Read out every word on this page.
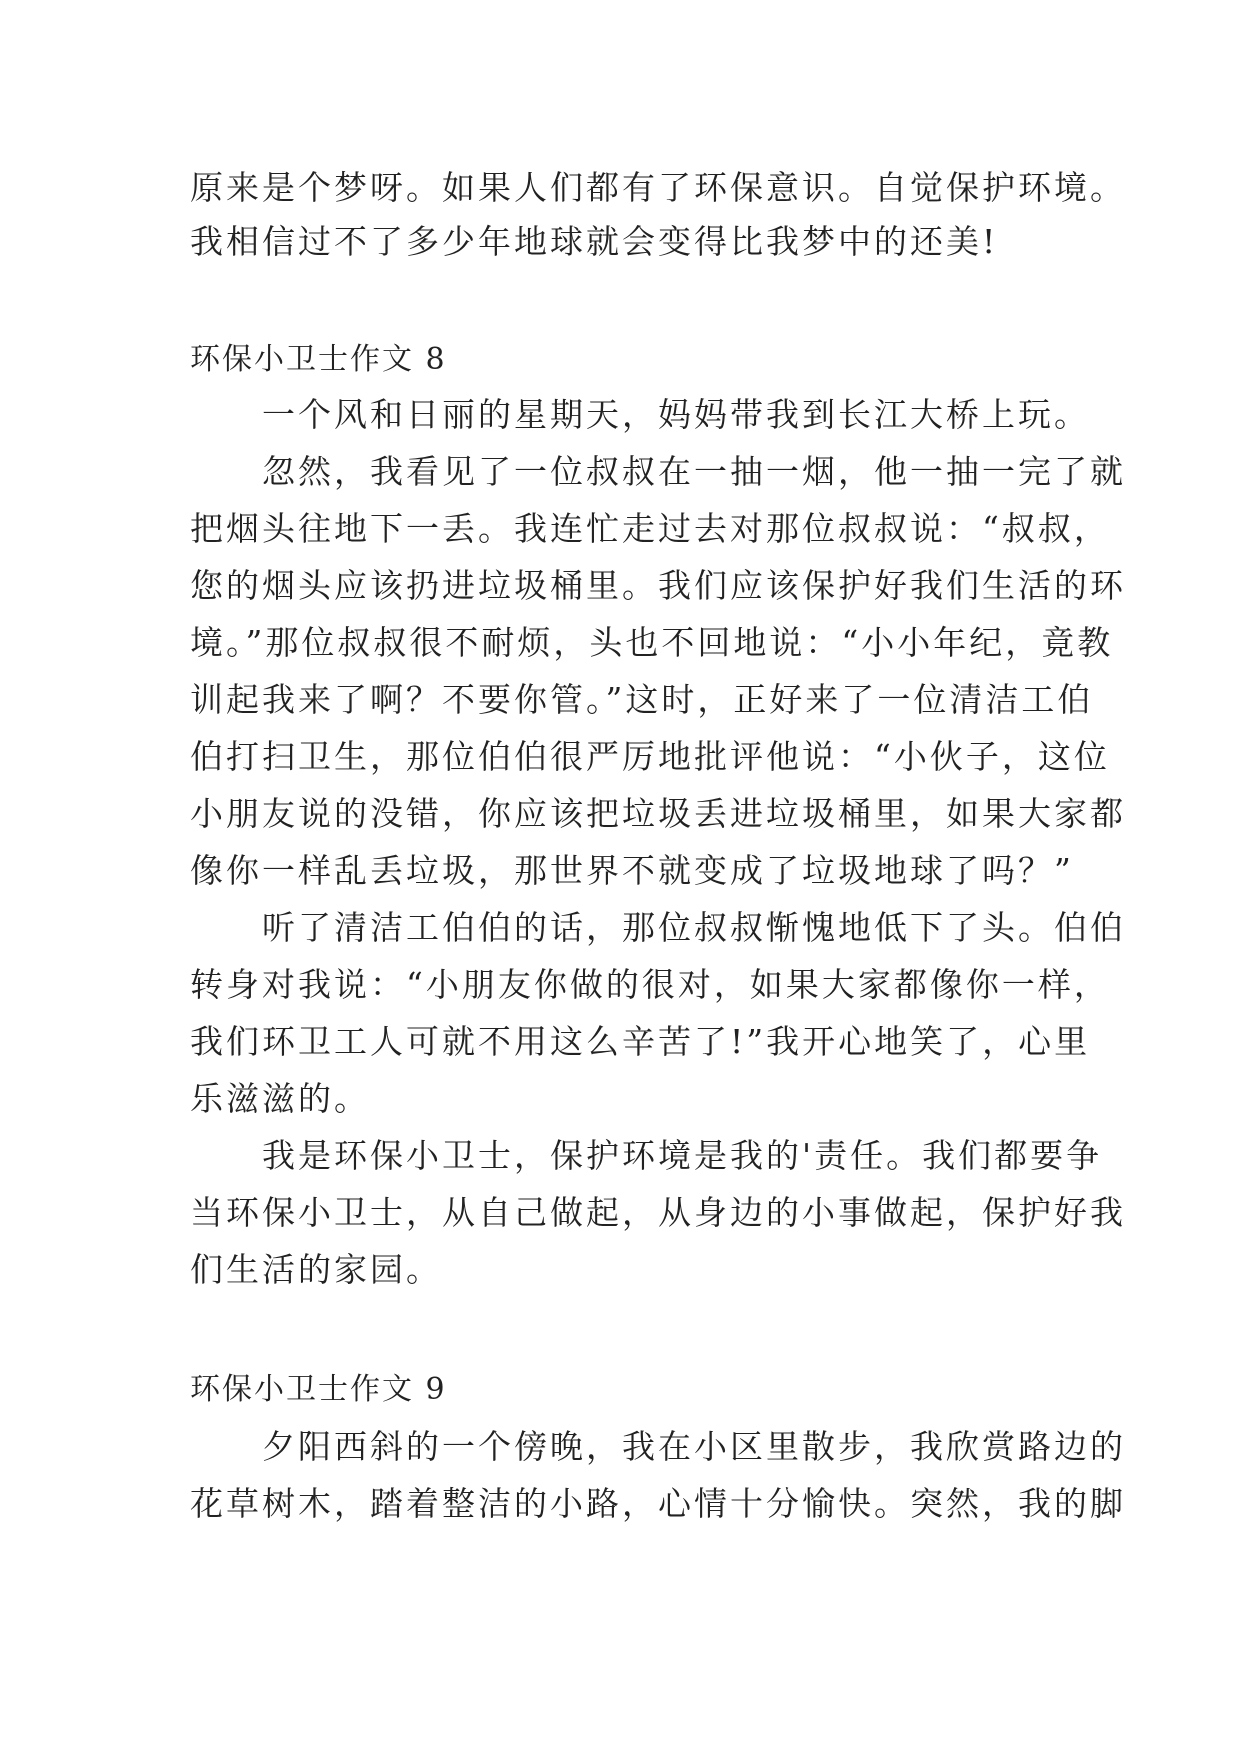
原来是个梦呀。如果人们都有了环保意识。自觉保护环境。
我相信过不了多少年地球就会变得比我梦中的还美!
环保小卫士作文 8
　　一个风和日丽的星期天，妈妈带我到长江大桥上玩。
　　忽然，我看见了一位叔叔在一抽一烟，他一抽一完了就
把烟头往地下一丢。我连忙走过去对那位叔叔说：“叔叔，
您的烟头应该扔进垃圾桶里。我们应该保护好我们生活的环
境。”那位叔叔很不耐烦，头也不回地说：“小小年纪，竟教
训起我来了啊？不要你管。”这时，正好来了一位清洁工伯
伯打扫卫生，那位伯伯很严厉地批评他说：“小伙子，这位
小朋友说的没错，你应该把垃圾丢进垃圾桶里，如果大家都
像你一样乱丢垃圾，那世界不就变成了垃圾地球了吗？”
　　听了清洁工伯伯的话，那位叔叔惭愧地低下了头。伯伯
转身对我说：“小朋友你做的很对，如果大家都像你一样，
我们环卫工人可就不用这么辛苦了!”我开心地笑了，心里
乐滋滋的。
　　我是环保小卫士，保护环境是我的'责任。我们都要争
当环保小卫士，从自己做起，从身边的小事做起，保护好我
们生活的家园。
环保小卫士作文 9
　　夕阳西斜的一个傍晚，我在小区里散步，我欣赏路边的
花草树木，踏着整洁的小路，心情十分愉快。突然，我的脚
